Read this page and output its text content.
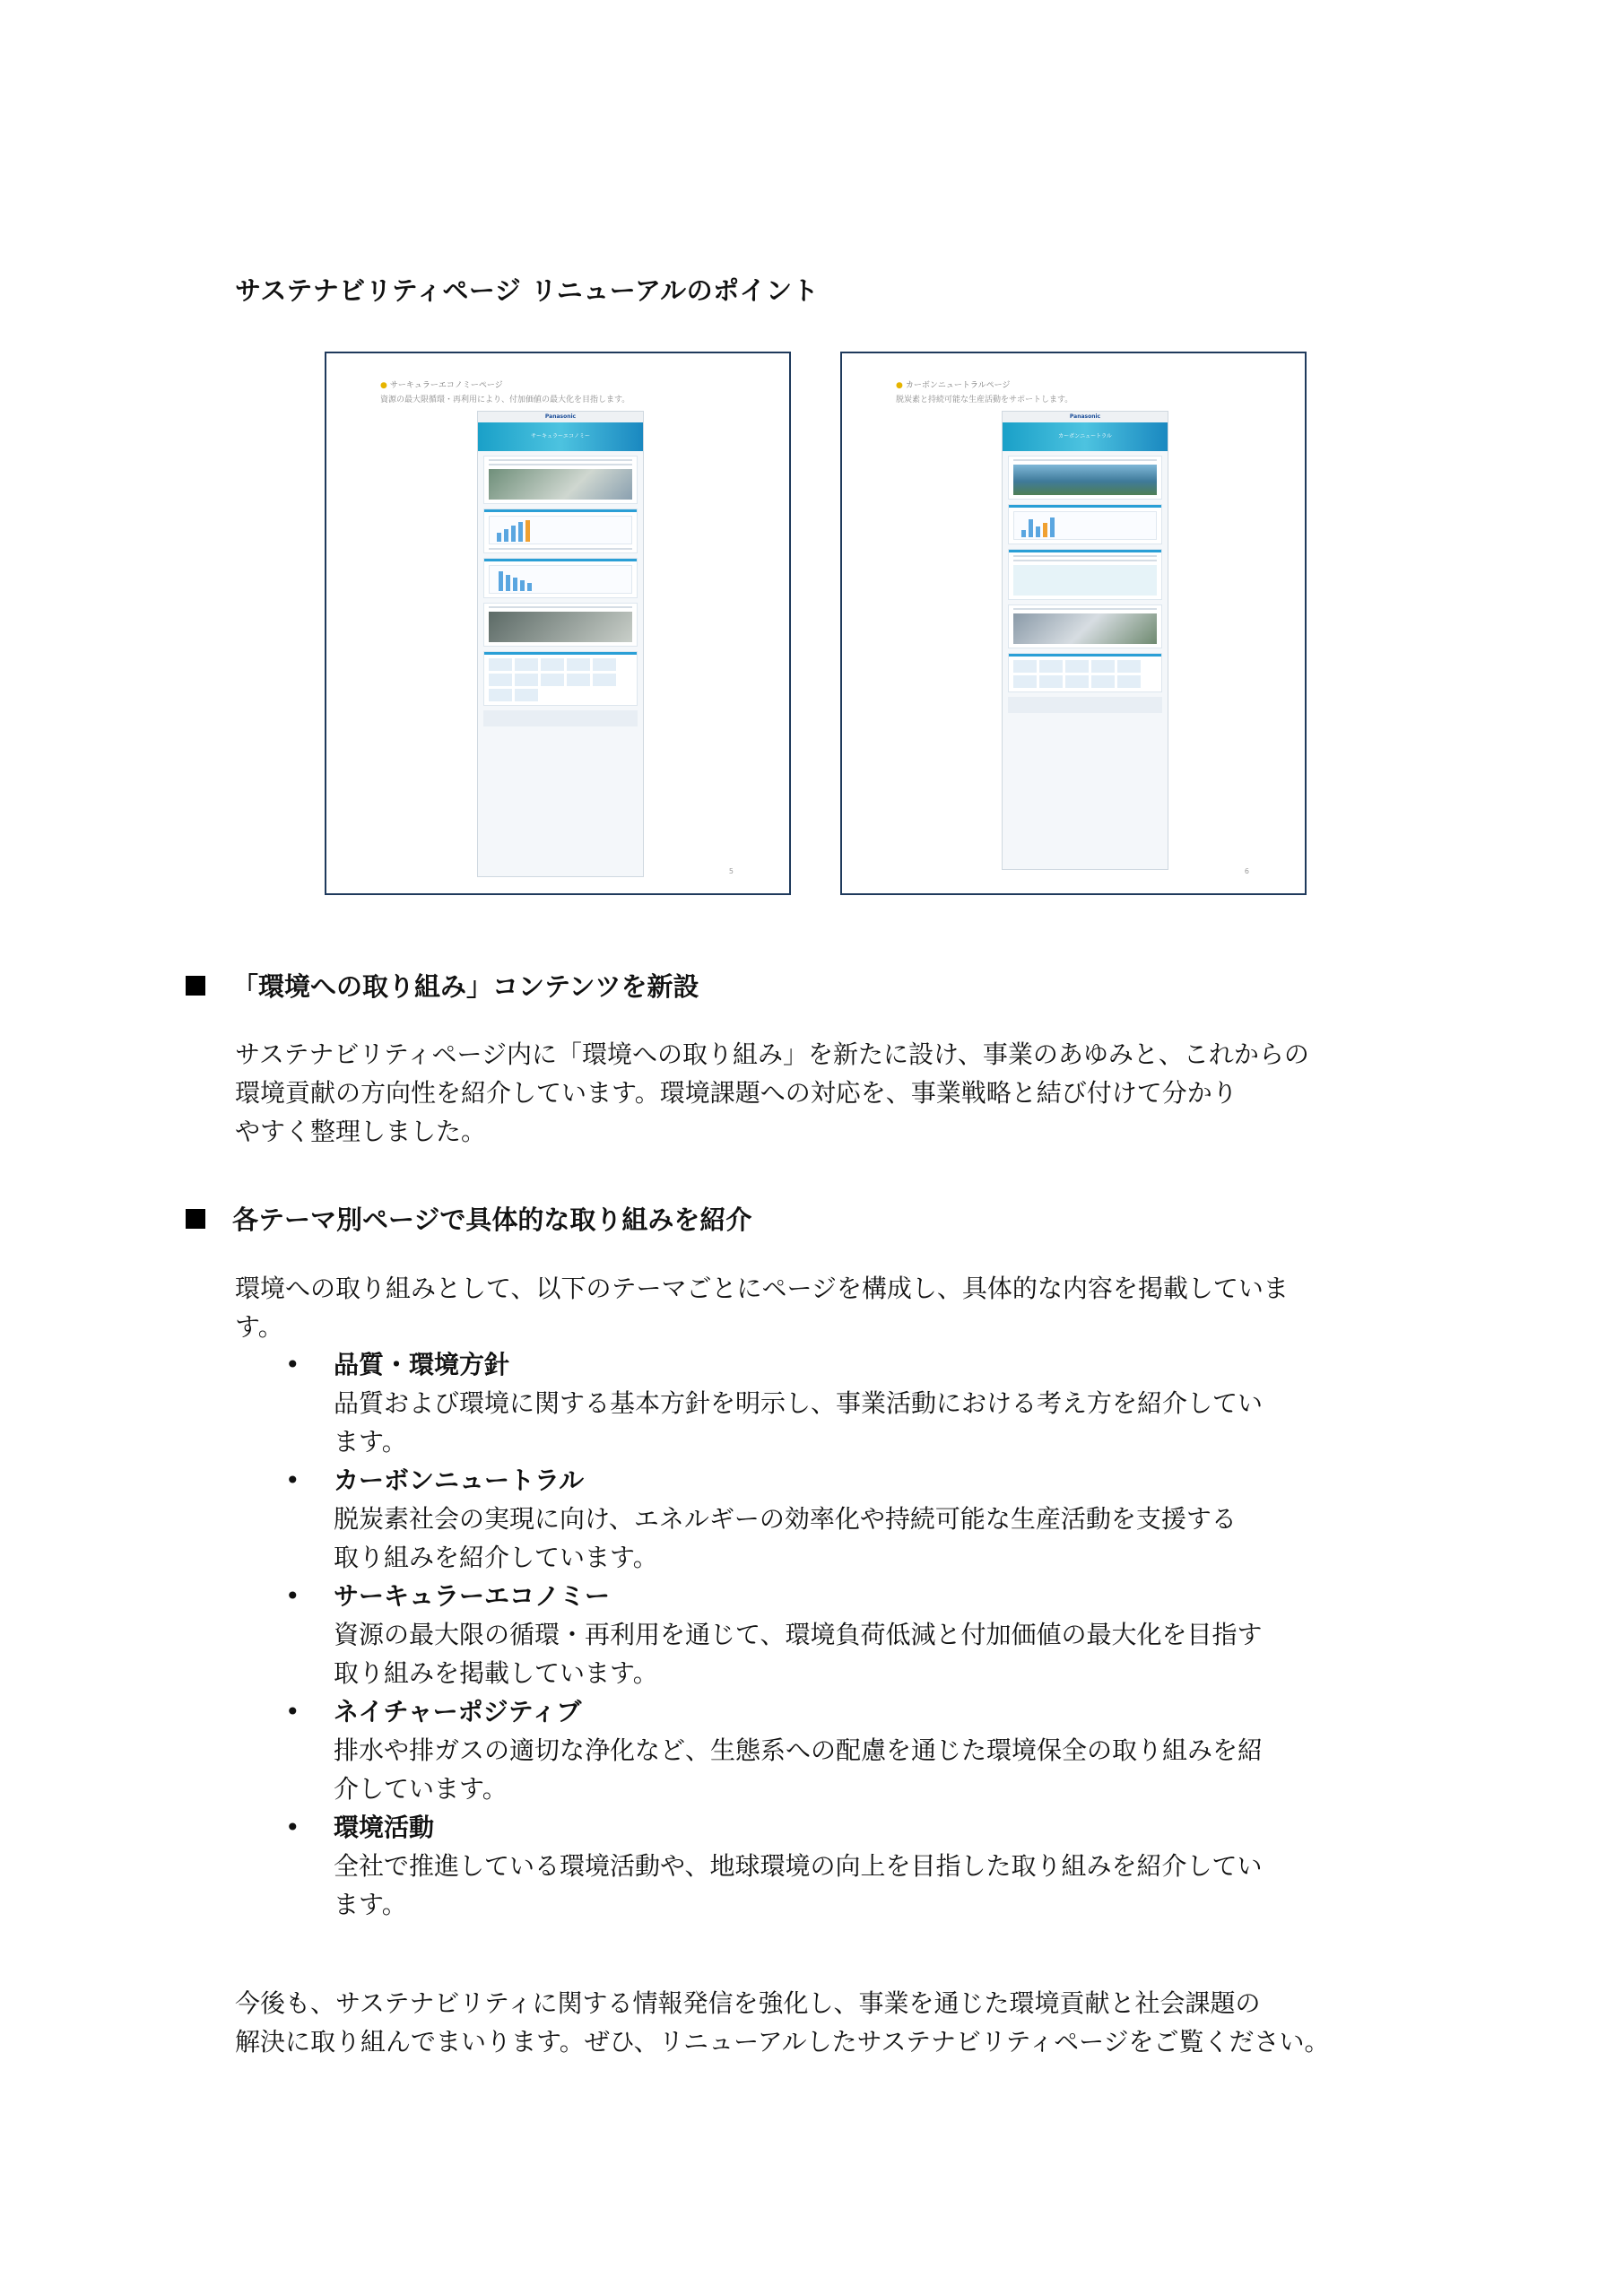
サステナビリティページ リニューアルのポイント
● サーキュラーエコノミーページ
資源の最大限循環・再利用により、付加価値の最大化を目指します。
Panasonic
サーキュラーエコノミー
5
● カーボンニュートラルページ
脱炭素と持続可能な生産活動をサポートします。
Panasonic
カーボンニュートラル
6
「環境への取り組み」コンテンツを新設
サステナビリティページ内に「環境への取り組み」を新たに設け、事業のあゆみと、これからの
環境貢献の方向性を紹介しています。環境課題への対応を、事業戦略と結び付けて分かり
やすく整理しました。
各テーマ別ページで具体的な取り組みを紹介
環境への取り組みとして、以下のテーマごとにページを構成し、具体的な内容を掲載していま
す。
• 品質・環境方針
品質および環境に関する基本方針を明示し、事業活動における考え方を紹介してい
ます。
• カーボンニュートラル
脱炭素社会の実現に向け、エネルギーの効率化や持続可能な生産活動を支援する
取り組みを紹介しています。
• サーキュラーエコノミー
資源の最大限の循環・再利用を通じて、環境負荷低減と付加価値の最大化を目指す
取り組みを掲載しています。
• ネイチャーポジティブ
排水や排ガスの適切な浄化など、生態系への配慮を通じた環境保全の取り組みを紹
介しています。
• 環境活動
全社で推進している環境活動や、地球環境の向上を目指した取り組みを紹介してい
ます。
今後も、サステナビリティに関する情報発信を強化し、事業を通じた環境貢献と社会課題の
解決に取り組んでまいります。ぜひ、リニューアルしたサステナビリティページをご覧ください。
